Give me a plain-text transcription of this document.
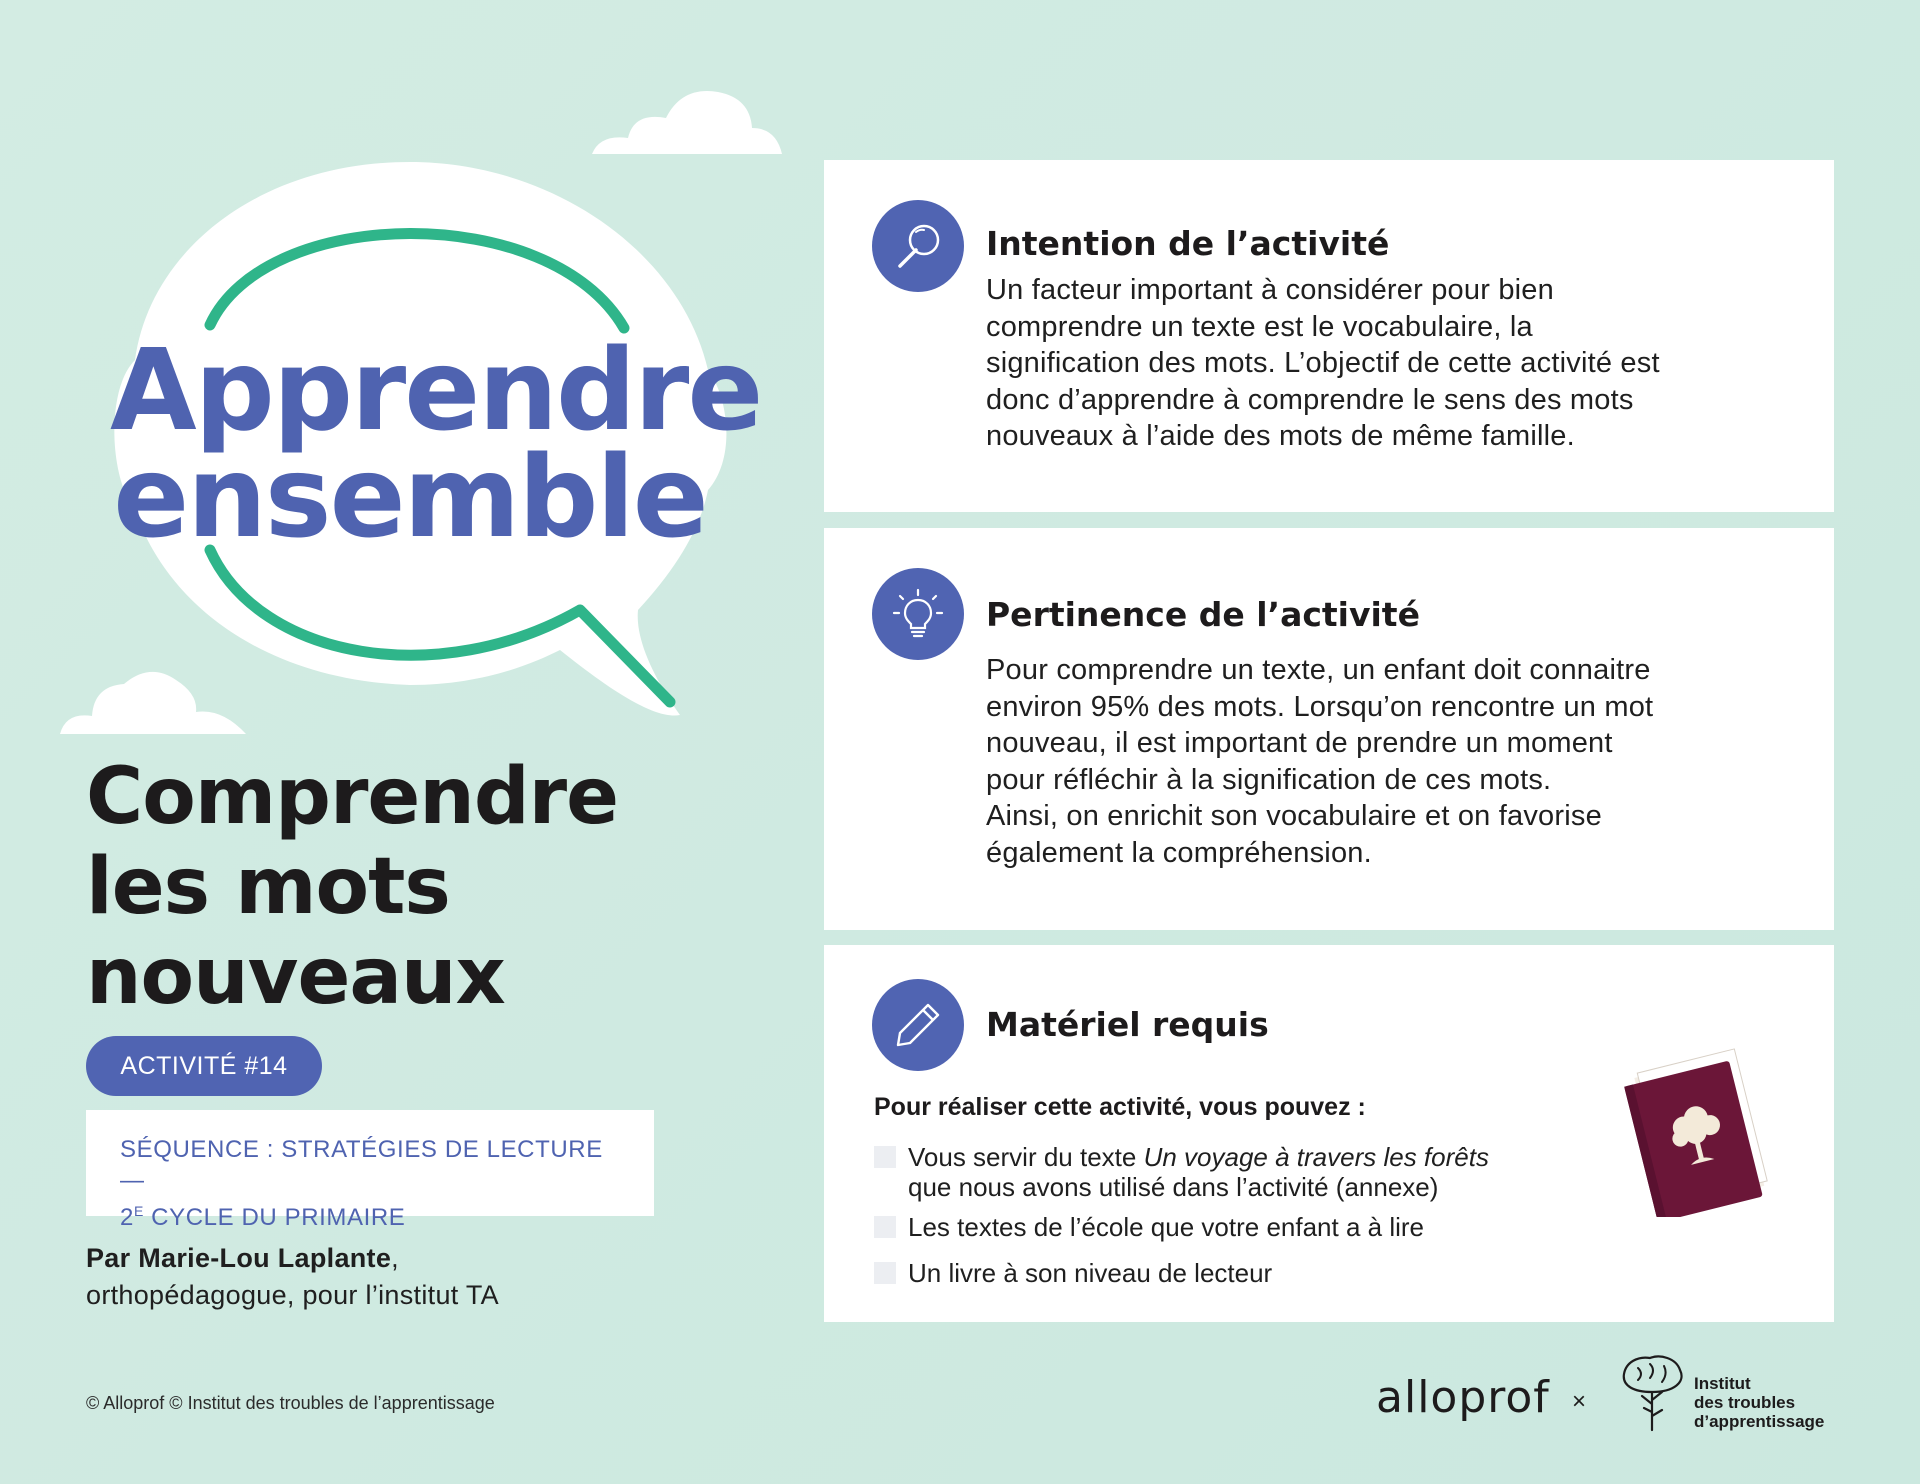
Apprendre
ensemble
Comprendre
les mots
nouveaux
ACTIVITÉ #14
SÉQUENCE : STRATÉGIES DE LECTURE —
$2^E$ CYCLE DU PRIMAIRE
Par Marie-Lou Laplante,
orthopédagogue, pour l’institut TA
© Alloprof © Institut des troubles de l’apprentissage
Intention de l’activité
Un facteur important à considérer pour bien
comprendre un texte est le vocabulaire, la
signification des mots. L’objectif de cette activité est
donc d’apprendre à comprendre le sens des mots
nouveaux à l’aide des mots de même famille.
Pertinence de l’activité
Pour comprendre un texte, un enfant doit connaitre
environ 95% des mots. Lorsqu’on rencontre un mot
nouveau, il est important de prendre un moment
pour réfléchir à la signification de ces mots.
Ainsi, on enrichit son vocabulaire et on favorise
également la compréhension.
Matériel requis
Pour réaliser cette activité, vous pouvez :
Vous servir du texte Un voyage à travers les forêts
que nous avons utilisé dans l’activité (annexe)
Les textes de l’école que votre enfant a à lire
Un livre à son niveau de lecteur
alloprof ×
Institut
des troubles
d’apprentissage
